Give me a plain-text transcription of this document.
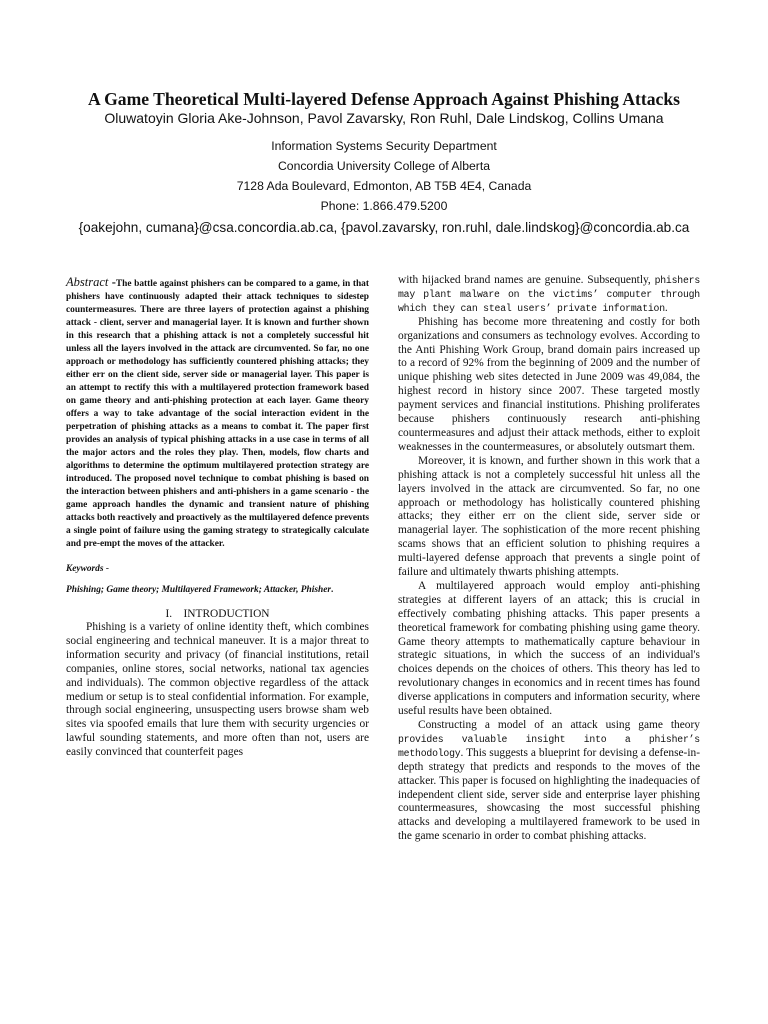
A Game Theoretical Multi-layered Defense Approach Against Phishing Attacks
Oluwatoyin Gloria Ake-Johnson, Pavol Zavarsky, Ron Ruhl, Dale Lindskog, Collins Umana
Information Systems Security Department
Concordia University College of Alberta
7128 Ada Boulevard, Edmonton, AB T5B 4E4, Canada
Phone: 1.866.479.5200
{oakejohn, cumana}@csa.concordia.ab.ca, {pavol.zavarsky, ron.ruhl, dale.lindskog}@concordia.ab.ca

Abstract -The battle against phishers can be compared to a game, in that phishers have continuously adapted their attack techniques to sidestep countermeasures. There are three layers of protection against a phishing attack - client, server and managerial layer. It is known and further shown in this research that a phishing attack is not a completely successful hit unless all the layers involved in the attack are circumvented. So far, no one approach or methodology has sufficiently countered phishing attacks; they either err on the client side, server side or managerial layer. This paper is an attempt to rectify this with a multilayered protection framework based on game theory and anti-phishing protection at each layer. Game theory offers a way to take advantage of the social interaction evident in the perpetration of phishing attacks as a means to combat it. The paper first provides an analysis of typical phishing attacks in a use case in terms of all the major actors and the roles they play. Then, models, flow charts and algorithms to determine the optimum multilayered protection strategy are introduced. The proposed novel technique to combat phishing is based on the interaction between phishers and anti-phishers in a game scenario - the game approach handles the dynamic and transient nature of phishing attacks both reactively and proactively as the multilayered defence prevents a single point of failure using the gaming strategy to strategically calculate and pre-empt the moves of the attacker.

Keywords -

Phishing; Game theory; Multilayered Framework; Attacker, Phisher.

I.    INTRODUCTION

Phishing is a variety of online identity theft, which combines social engineering and technical maneuver. It is a major threat to information security and privacy (of financial institutions, retail companies, online stores, social networks, national tax agencies and individuals). The common objective regardless of the attack medium or setup is to steal confidential information. For example, through social engineering, unsuspecting users browse sham web sites via spoofed emails that lure them with security urgencies or lawful sounding statements, and more often than not, users are easily convinced that counterfeit pages

with hijacked brand names are genuine. Subsequently, phishers may plant malware on the victims’ computer through which they can steal users’ private information.

Phishing has become more threatening and costly for both organizations and consumers as technology evolves. According to the Anti Phishing Work Group, brand domain pairs increased up to a record of 92% from the beginning of 2009 and the number of unique phishing web sites detected in June 2009 was 49,084, the highest record in history since 2007. These targeted mostly payment services and financial institutions. Phishing proliferates because phishers continuously research anti-phishing countermeasures and adjust their attack methods, either to exploit weaknesses in the countermeasures, or absolutely outsmart them.

Moreover, it is known, and further shown in this work that a phishing attack is not a completely successful hit unless all the layers involved in the attack are circumvented. So far, no one approach or methodology has holistically countered phishing attacks; they either err on the client side, server side or managerial layer. The sophistication of the more recent phishing scams shows that an efficient solution to phishing requires a multi-layered defense approach that prevents a single point of failure and ultimately thwarts phishing attempts.

A multilayered approach would employ anti-phishing strategies at different layers of an attack; this is crucial in effectively combating phishing attacks. This paper presents a theoretical framework for combating phishing using game theory. Game theory attempts to mathematically capture behaviour in strategic situations, in which the success of an individual's choices depends on the choices of others. This theory has led to revolutionary changes in economics and in recent times has found diverse applications in computers and information security, where useful results have been obtained.

Constructing a model of an attack using game theory provides valuable insight into a phisher’s methodology. This suggests a blueprint for devising a defense-in-depth strategy that predicts and responds to the moves of the attacker. This paper is focused on highlighting the inadequacies of independent client side, server side and enterprise layer phishing countermeasures, showcasing the most successful phishing attacks and developing a multilayered framework to be used in the game scenario in order to combat phishing attacks.
